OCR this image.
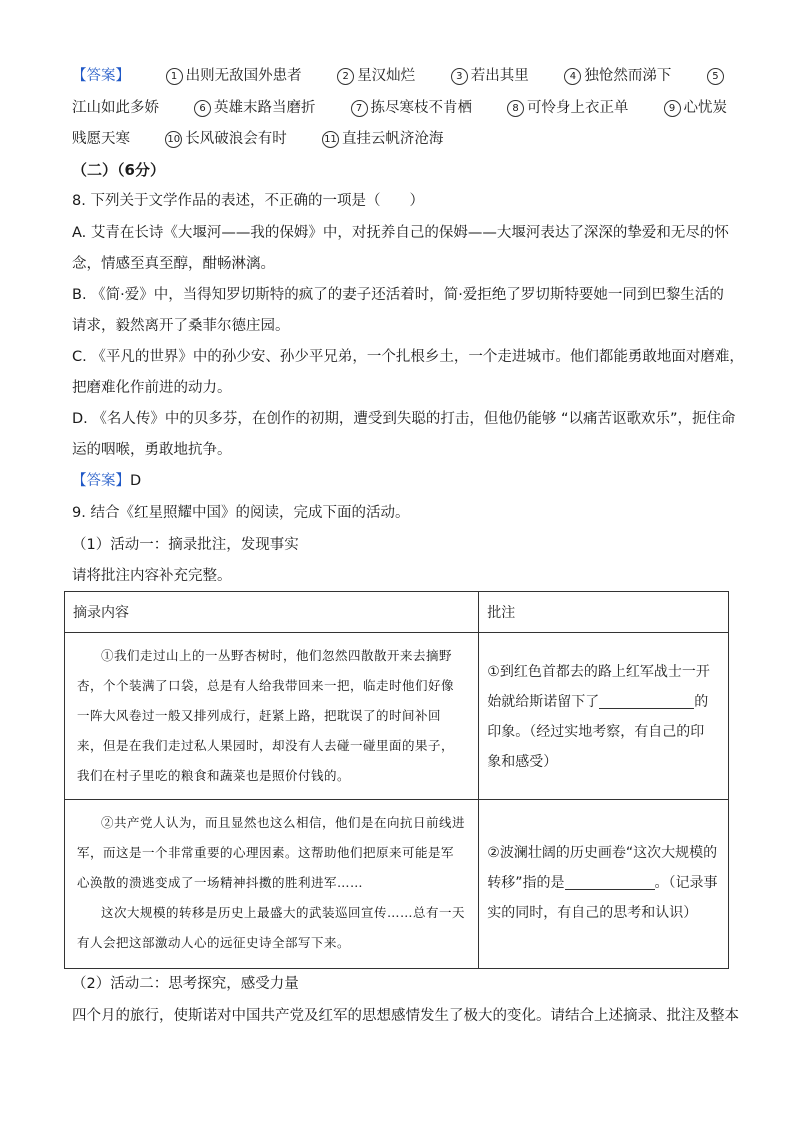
【答案】	1 出则无敌国外患者	2 星汉灿烂	3 若出其里	4 独怆然而涕下	5
江山如此多娇	6 英雄末路当磨折	7 拣尽寒枝不肯栖	8 可怜身上衣正单	9 心忧炭
贱愿天寒	10 长风破浪会有时	11 直挂云帆济沧海
（二）（6分）
8. 下列关于文学作品的表述，不正确的一项是（　　）
A. 艾青在长诗《大堰河——我的保姆》中，对抚养自己的保姆——大堰河表达了深深的挚爱和无尽的怀
念，情感至真至醇，酣畅淋漓。
B. 《简·爱》中，当得知罗切斯特的疯了的妻子还活着时，简·爱拒绝了罗切斯特要她一同到巴黎生活的
请求，毅然离开了桑菲尔德庄园。
C. 《平凡的世界》中的孙少安、孙少平兄弟，一个扎根乡土，一个走进城市。他们都能勇敢地面对磨难，
把磨难化作前进的动力。
D. 《名人传》中的贝多芬，在创作的初期，遭受到失聪的打击，但他仍能够 “以痛苦讴歌欢乐”，扼住命
运的咽喉，勇敢地抗争。
【答案】D
9. 结合《红星照耀中国》的阅读，完成下面的活动。
（1）活动一：摘录批注，发现事实
请将批注内容补充完整。
摘录内容	批注

①我们走过山上的一丛野杏树时，他们忽然四散散开来去摘野杏，个个装满了口袋，总是有人给我带回来一把，临走时他们好像一阵大风卷过一般又排列成行，赶紧上路，把耽误了的时间补回来，但是在我们走过私人果园时，却没有人去碰一碰里面的果子，我们在村子里吃的粮食和蔬菜也是照价付钱的。	①到红色首都去的路上红军战士一开始就给斯诺留下了 的印象。（经过实地考察，有自己的印象和感受）

②共产党人认为，而且显然也这么相信，他们是在向抗日前线进军，而这是一个非常重要的心理因素。这帮助他们把原来可能是军心涣散的溃逃变成了一场精神抖擞的胜利进军……

这次大规模的转移是历史上最盛大的武装巡回宣传……总有一天有人会把这部激动人心的远征史诗全部写下来。	②波澜壮阔的历史画卷“这次大规模的转移”指的是 。（记录事实的同时，有自己的思考和认识）
（2）活动二：思考探究，感受力量
四个月的旅行，使斯诺对中国共产党及红军的思想感情发生了极大的变化。请结合上述摘录、批注及整本
